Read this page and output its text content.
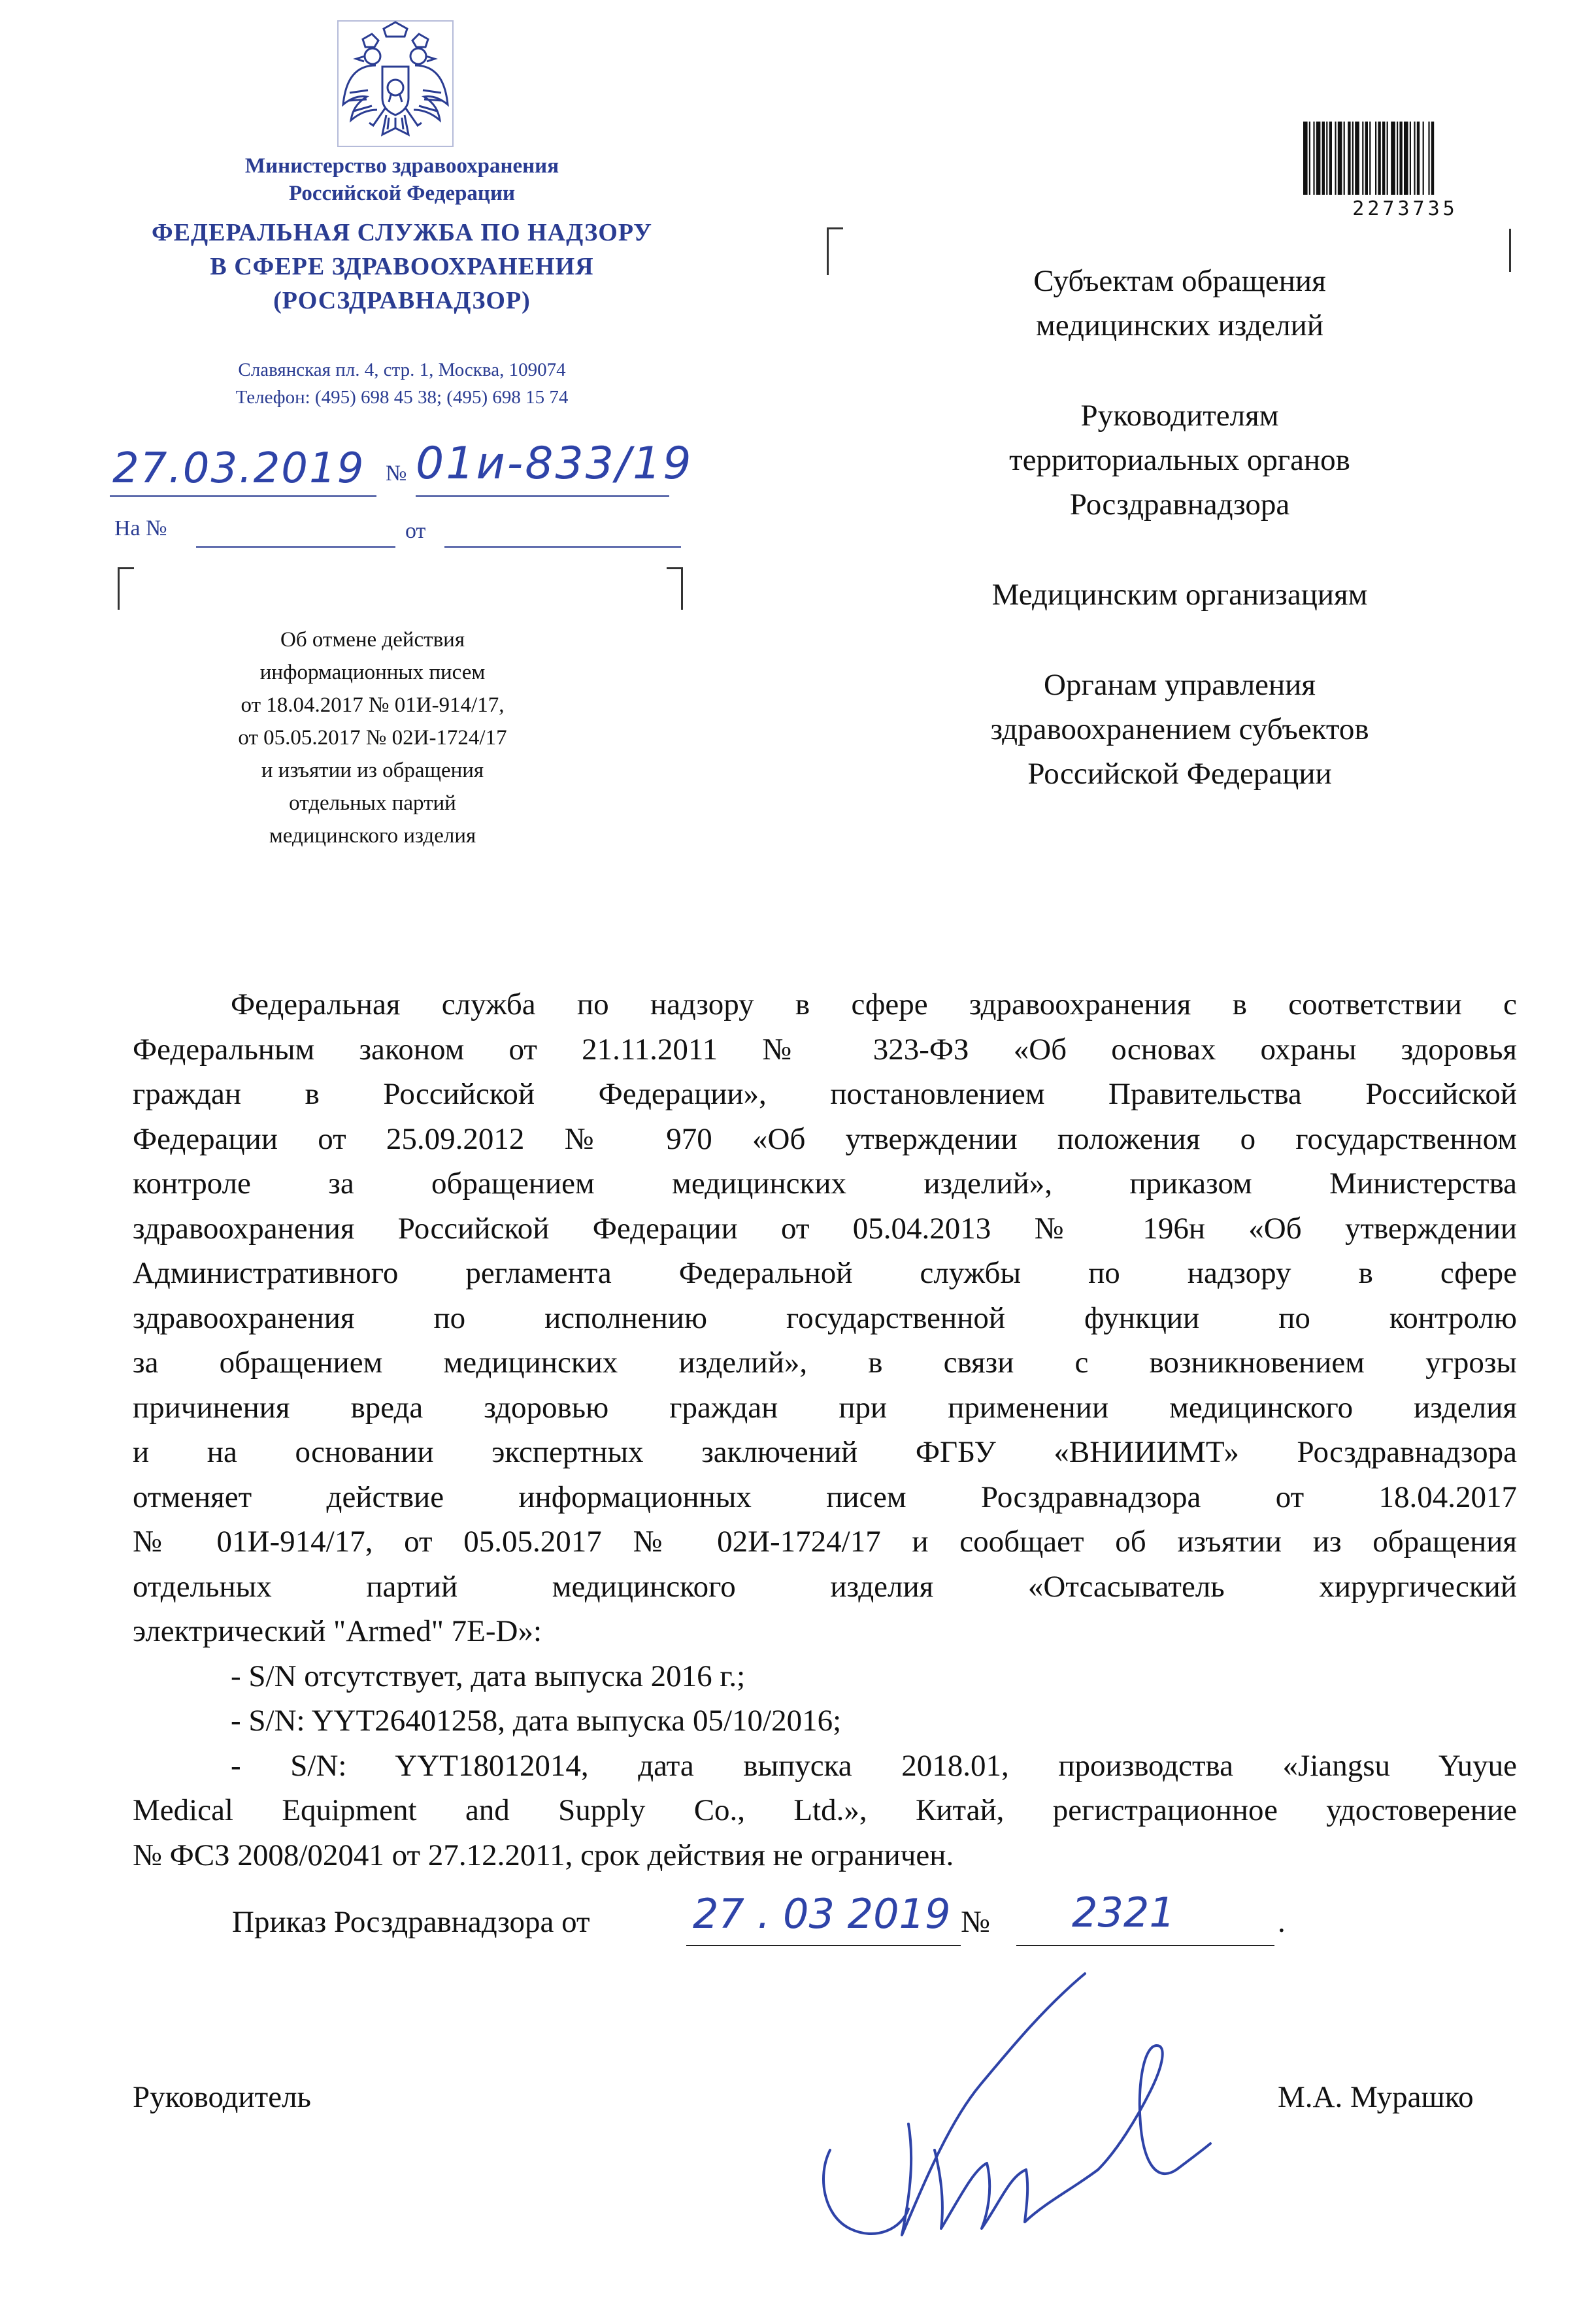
Министерство здравоохранения
Российской Федерации
ФЕДЕРАЛЬНАЯ СЛУЖБА ПО НАДЗОРУ
В СФЕРЕ ЗДРАВООХРАНЕНИЯ
(РОСЗДРАВНАДЗОР)
Славянская пл. 4, стр. 1, Москва, 109074
Телефон: (495) 698 45 38; (495) 698 15 74
27.03.2019 № 01и-833/19
На №	от
Об отмене действия
информационных писем
от 18.04.2017 № 01И-914/17,
от 05.05.2017 № 02И-1724/17
и изъятии из обращения
отдельных партий
медицинского изделия
2273735
Субъектам обращения
медицинских изделий
Руководителям
территориальных органов
Росздравнадзора
Медицинским организациям
Органам управления
здравоохранением субъектов
Российской Федерации
Федеральная служба по надзору в сфере здравоохранения в соответствии с
Федеральным законом от 21.11.2011 № 323-ФЗ «Об основах охраны здоровья
граждан в Российской Федерации», постановлением Правительства Российской
Федерации от 25.09.2012 № 970 «Об утверждении положения о государственном
контроле за обращением медицинских изделий», приказом Министерства
здравоохранения Российской Федерации от 05.04.2013 № 196н «Об утверждении
Административного регламента Федеральной службы по надзору в сфере
здравоохранения по исполнению государственной функции по контролю
за обращением медицинских изделий», в связи с возникновением угрозы
причинения вреда здоровью граждан при применении медицинского изделия
и на основании экспертных заключений ФГБУ «ВНИИИМТ» Росздравнадзора
отменяет действие информационных писем Росздравнадзора от 18.04.2017
№ 01И-914/17, от 05.05.2017 № 02И-1724/17 и сообщает об изъятии из обращения
отдельных партий медицинского изделия «Отсасыватель хирургический
электрический "Armed" 7E-D»:
- S/N отсутствует, дата выпуска 2016 г.;
- S/N: YYT26401258, дата выпуска 05/10/2016;
- S/N: YYT18012014, дата выпуска 2018.01, производства «Jiangsu Yuyue
Medical Equipment and Supply Co., Ltd.», Китай, регистрационное удостоверение
№ ФСЗ 2008/02041 от 27.12.2011, срок действия не ограничен.
Приказ Росздравнадзора от	27 . 03 2019 № 2321	.
Руководитель	М.А. Мурашко
